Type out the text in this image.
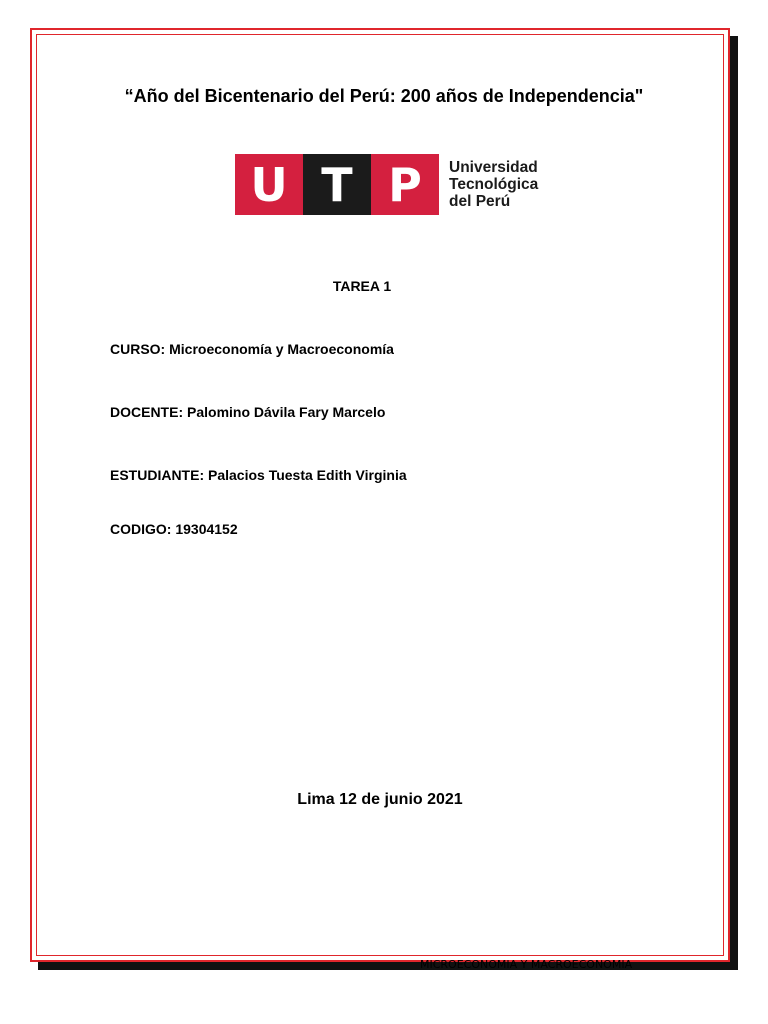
“Año del Bicentenario del Perú: 200 años de Independencia"
U T P	Universidad
Tecnológica
del Perú
TAREA 1
CURSO: Microeconomía y Macroeconomía
DOCENTE: Palomino Dávila Fary Marcelo
ESTUDIANTE: Palacios Tuesta Edith Virginia
CODIGO: 19304152
Lima 12 de junio 2021
MICROECONOMIA Y MACROECONOMIA
